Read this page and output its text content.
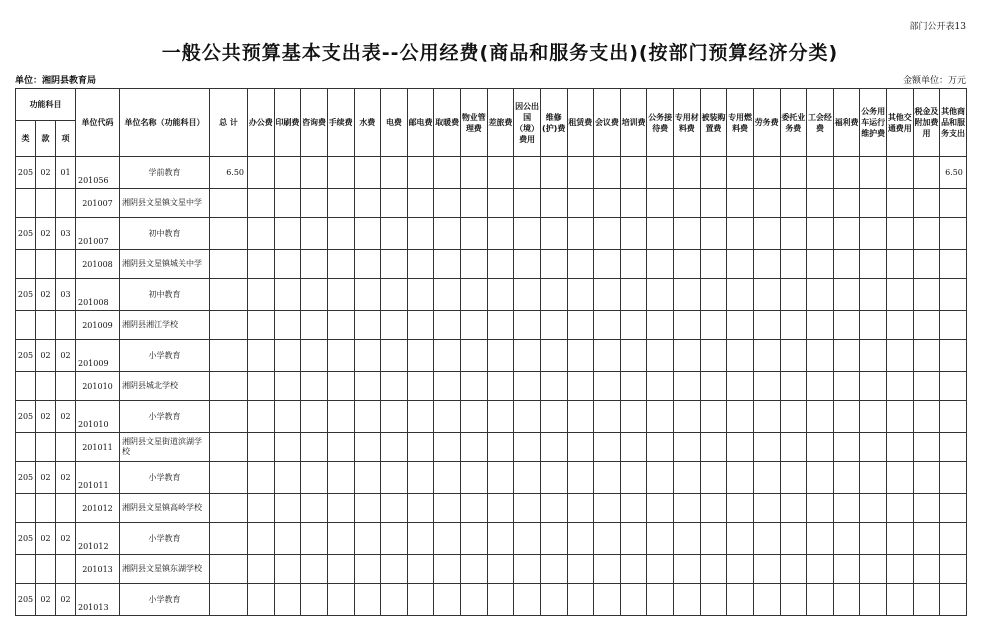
部门公开表13
一般公共预算基本支出表--公用经费(商品和服务支出)(按部门预算经济分类)
单位：湘阴县教育局	金额单位：万元
功能科目			单位代码	单位名称（功能科目）	总 计	办公费	印刷费	咨询费	手续费	水费	电费	邮电费	取暖费	物业管理费	差旅费	因公出国（境）费用	维修(护)费	租赁费	会议费	培训费	公务接待费	专用材料费	被装购置费	专用燃料费	劳务费	委托业务费	工会经费	福利费	公务用车运行维护费	其他交通费用	税金及附加费用	其他商品和服务支出
类	款	项																														
205	02	01	201056	学前教育	6.50																											6.50
			201007	湘阴县文星镇文星中学																												
205	02	03	201007	初中教育																												
			201008	湘阴县文星镇城关中学																												
205	02	03	201008	初中教育																												
			201009	湘阴县湘江学校																												
205	02	02	201009	小学教育																												
			201010	湘阴县城北学校																												
205	02	02	201010	小学教育																												
			201011	湘阴县文星街道滨湖学校																												
205	02	02	201011	小学教育																												
			201012	湘阴县文星镇高岭学校																												
205	02	02	201012	小学教育																												
			201013	湘阴县文星镇东湖学校																												
205	02	02	201013	小学教育																												
